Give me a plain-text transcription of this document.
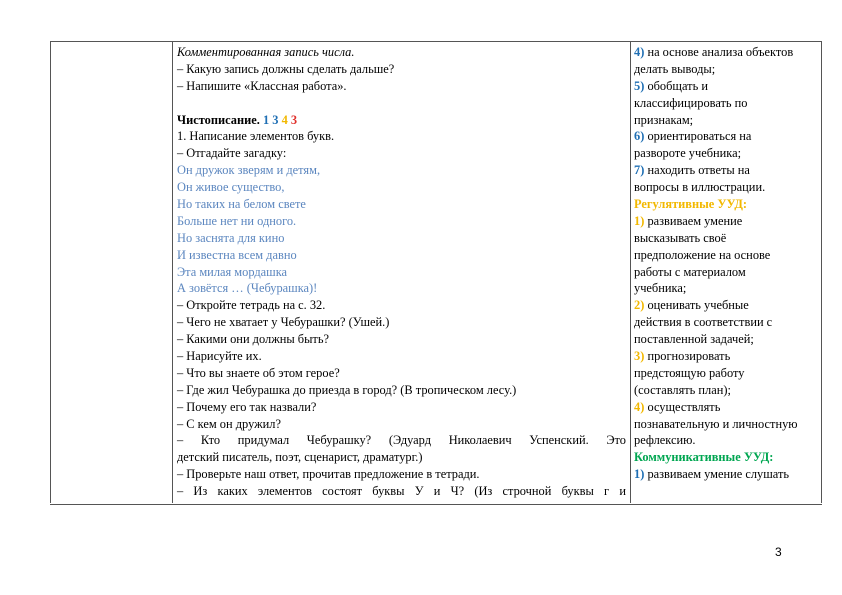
Комментированная запись числа.
– Какую запись должны сделать дальше?
– Напишите «Классная работа».
Чистописание. 1 3 4 3
1. Написание элементов букв.
– Отгадайте загадку:
Он дружок зверям и детям,
Он живое существо,
Но таких на белом свете
Больше нет ни одного.
Но заснята для кино
И известна всем давно
Эта милая мордашка
А зовётся … (Чебурашка)!
– Откройте тетрадь на с. 32.
– Чего не хватает у Чебурашки? (Ушей.)
– Какими они должны быть?
– Нарисуйте их.
– Что вы знаете об этом герое?
– Где жил Чебурашка до приезда в город? (В тропическом лесу.)
– Почему его так назвали?
– С кем он дружил?
– Кто придумал Чебурашку? (Эдуард Николаевич Успенский. Это
детский писатель, поэт, сценарист, драматург.)
– Проверьте наш ответ, прочитав предложение в тетради.
– Из каких элементов состоят буквы У и Ч? (Из строчной буквы г и
4) на основе анализа объектов
делать выводы;
5) обобщать и
классифицировать по
признакам;
6) ориентироваться на
развороте учебника;
7) находить ответы на
вопросы в иллюстрации.
Регулятивные УУД:
1) развиваем умение
высказывать своё
предположение на основе
работы с материалом
учебника;
2) оценивать учебные
действия в соответствии с
поставленной задачей;
3) прогнозировать
предстоящую работу
(составлять план);
4) осуществлять
познавательную и личностную
рефлексию.
Коммуникативные УУД:
1) развиваем умение слушать
3
